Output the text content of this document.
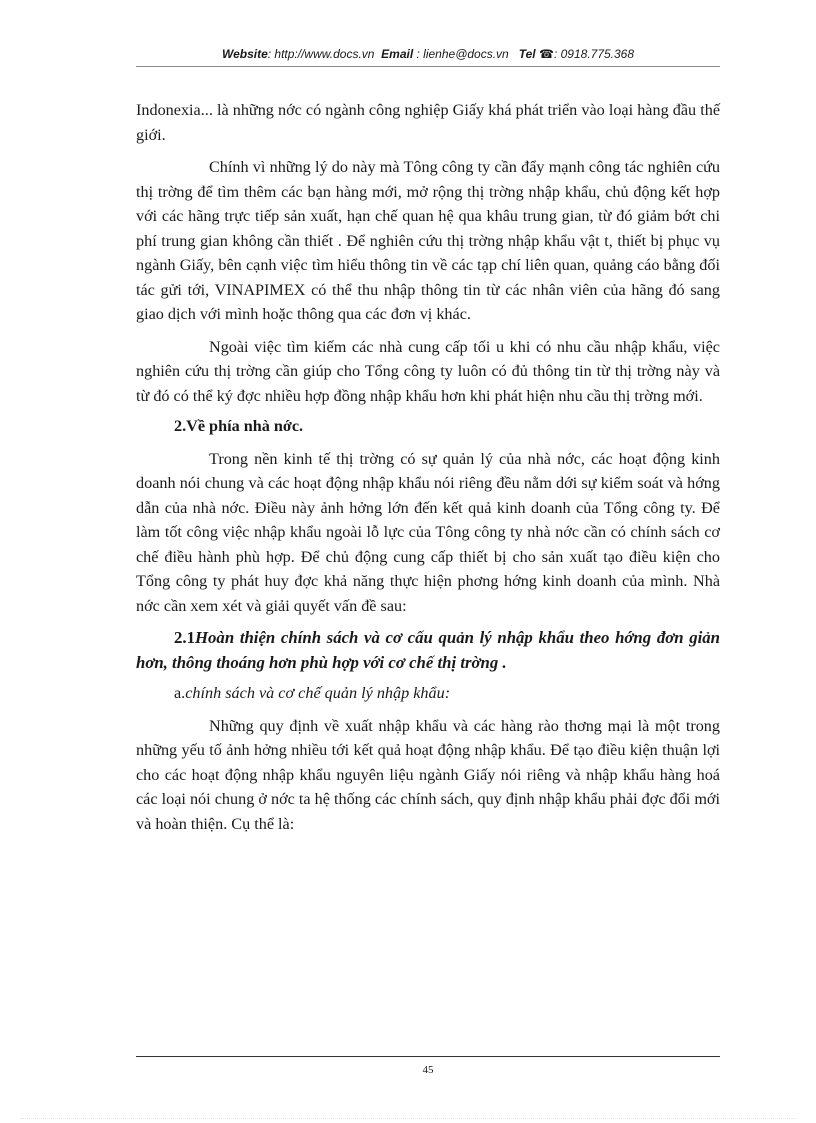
Website: http://www.docs.vn Email : lienhe@docs.vn Tel ☎: 0918.775.368

Indonexia... là những nớc có ngành công nghiệp Giấy khá phát triển vào loại hàng đầu thế giới.

Chính vì những lý do này mà Tông công ty cần đẩy mạnh công tác nghiên cứu thị trờng để tìm thêm các bạn hàng mới, mở rộng thị trờng nhập khẩu, chủ động kết hợp với các hãng trực tiếp sản xuất, hạn chế quan hệ qua khâu trung gian, từ đó giảm bớt chi phí trung gian không cần thiết . Để nghiên cứu thị trờng nhập khẩu vật t, thiết bị phục vụ ngành Giấy, bên cạnh việc tìm hiểu thông tin về các tạp chí liên quan, quảng cáo bằng đối tác gửi tới, VINAPIMEX có thể thu nhập thông tin từ các nhân viên của hãng đó sang giao dịch với mình hoặc thông qua các đơn vị khác.

Ngoài việc tìm kiếm các nhà cung cấp tối u khi có nhu cầu nhập khẩu, việc nghiên cứu thị trờng cần giúp cho Tổng công ty luôn có đủ thông tin từ thị trờng này và từ đó có thể ký đợc nhiều hợp đồng nhập khẩu hơn khi phát hiện nhu cầu thị trờng mới.

2.Về phía nhà nớc.

Trong nền kinh tế thị trờng có sự quản lý của nhà nớc, các hoạt động kinh doanh nói chung và các hoạt động nhập khẩu nói riêng đều nằm dới sự kiểm soát và hớng dẫn của nhà nớc. Điều này ảnh hởng lớn đến kết quả kinh doanh của Tổng công ty. Để làm tốt công việc nhập khẩu ngoài lỗ lực của Tông công ty nhà nớc cần có chính sách cơ chế điều hành phù hợp. Để chủ động cung cấp thiết bị cho sản xuất tạo điều kiện cho Tổng công ty phát huy đợc khả năng thực hiện phơng hớng kinh doanh của mình. Nhà nớc cần xem xét và giải quyết vấn đề sau:

2.1Hoàn thiện chính sách và cơ cấu quản lý nhập khẩu theo hớng đơn giản hơn, thông thoáng hơn phù hợp với cơ chế thị trờng .

a.chính sách và cơ chế quản lý nhập khẩu:

Những quy định về xuất nhập khẩu và các hàng rào thơng mại là một trong những yếu tố ảnh hởng nhiều tới kết quả hoạt động nhập khẩu. Để tạo điều kiện thuận lợi cho các hoạt động nhập khẩu nguyên liệu ngành Giấy nói riêng và nhập khẩu hàng hoá các loại nói chung ở nớc ta hệ thống các chính sách, quy định nhập khẩu phải đợc đổi mới và hoàn thiện. Cụ thể là:

45
